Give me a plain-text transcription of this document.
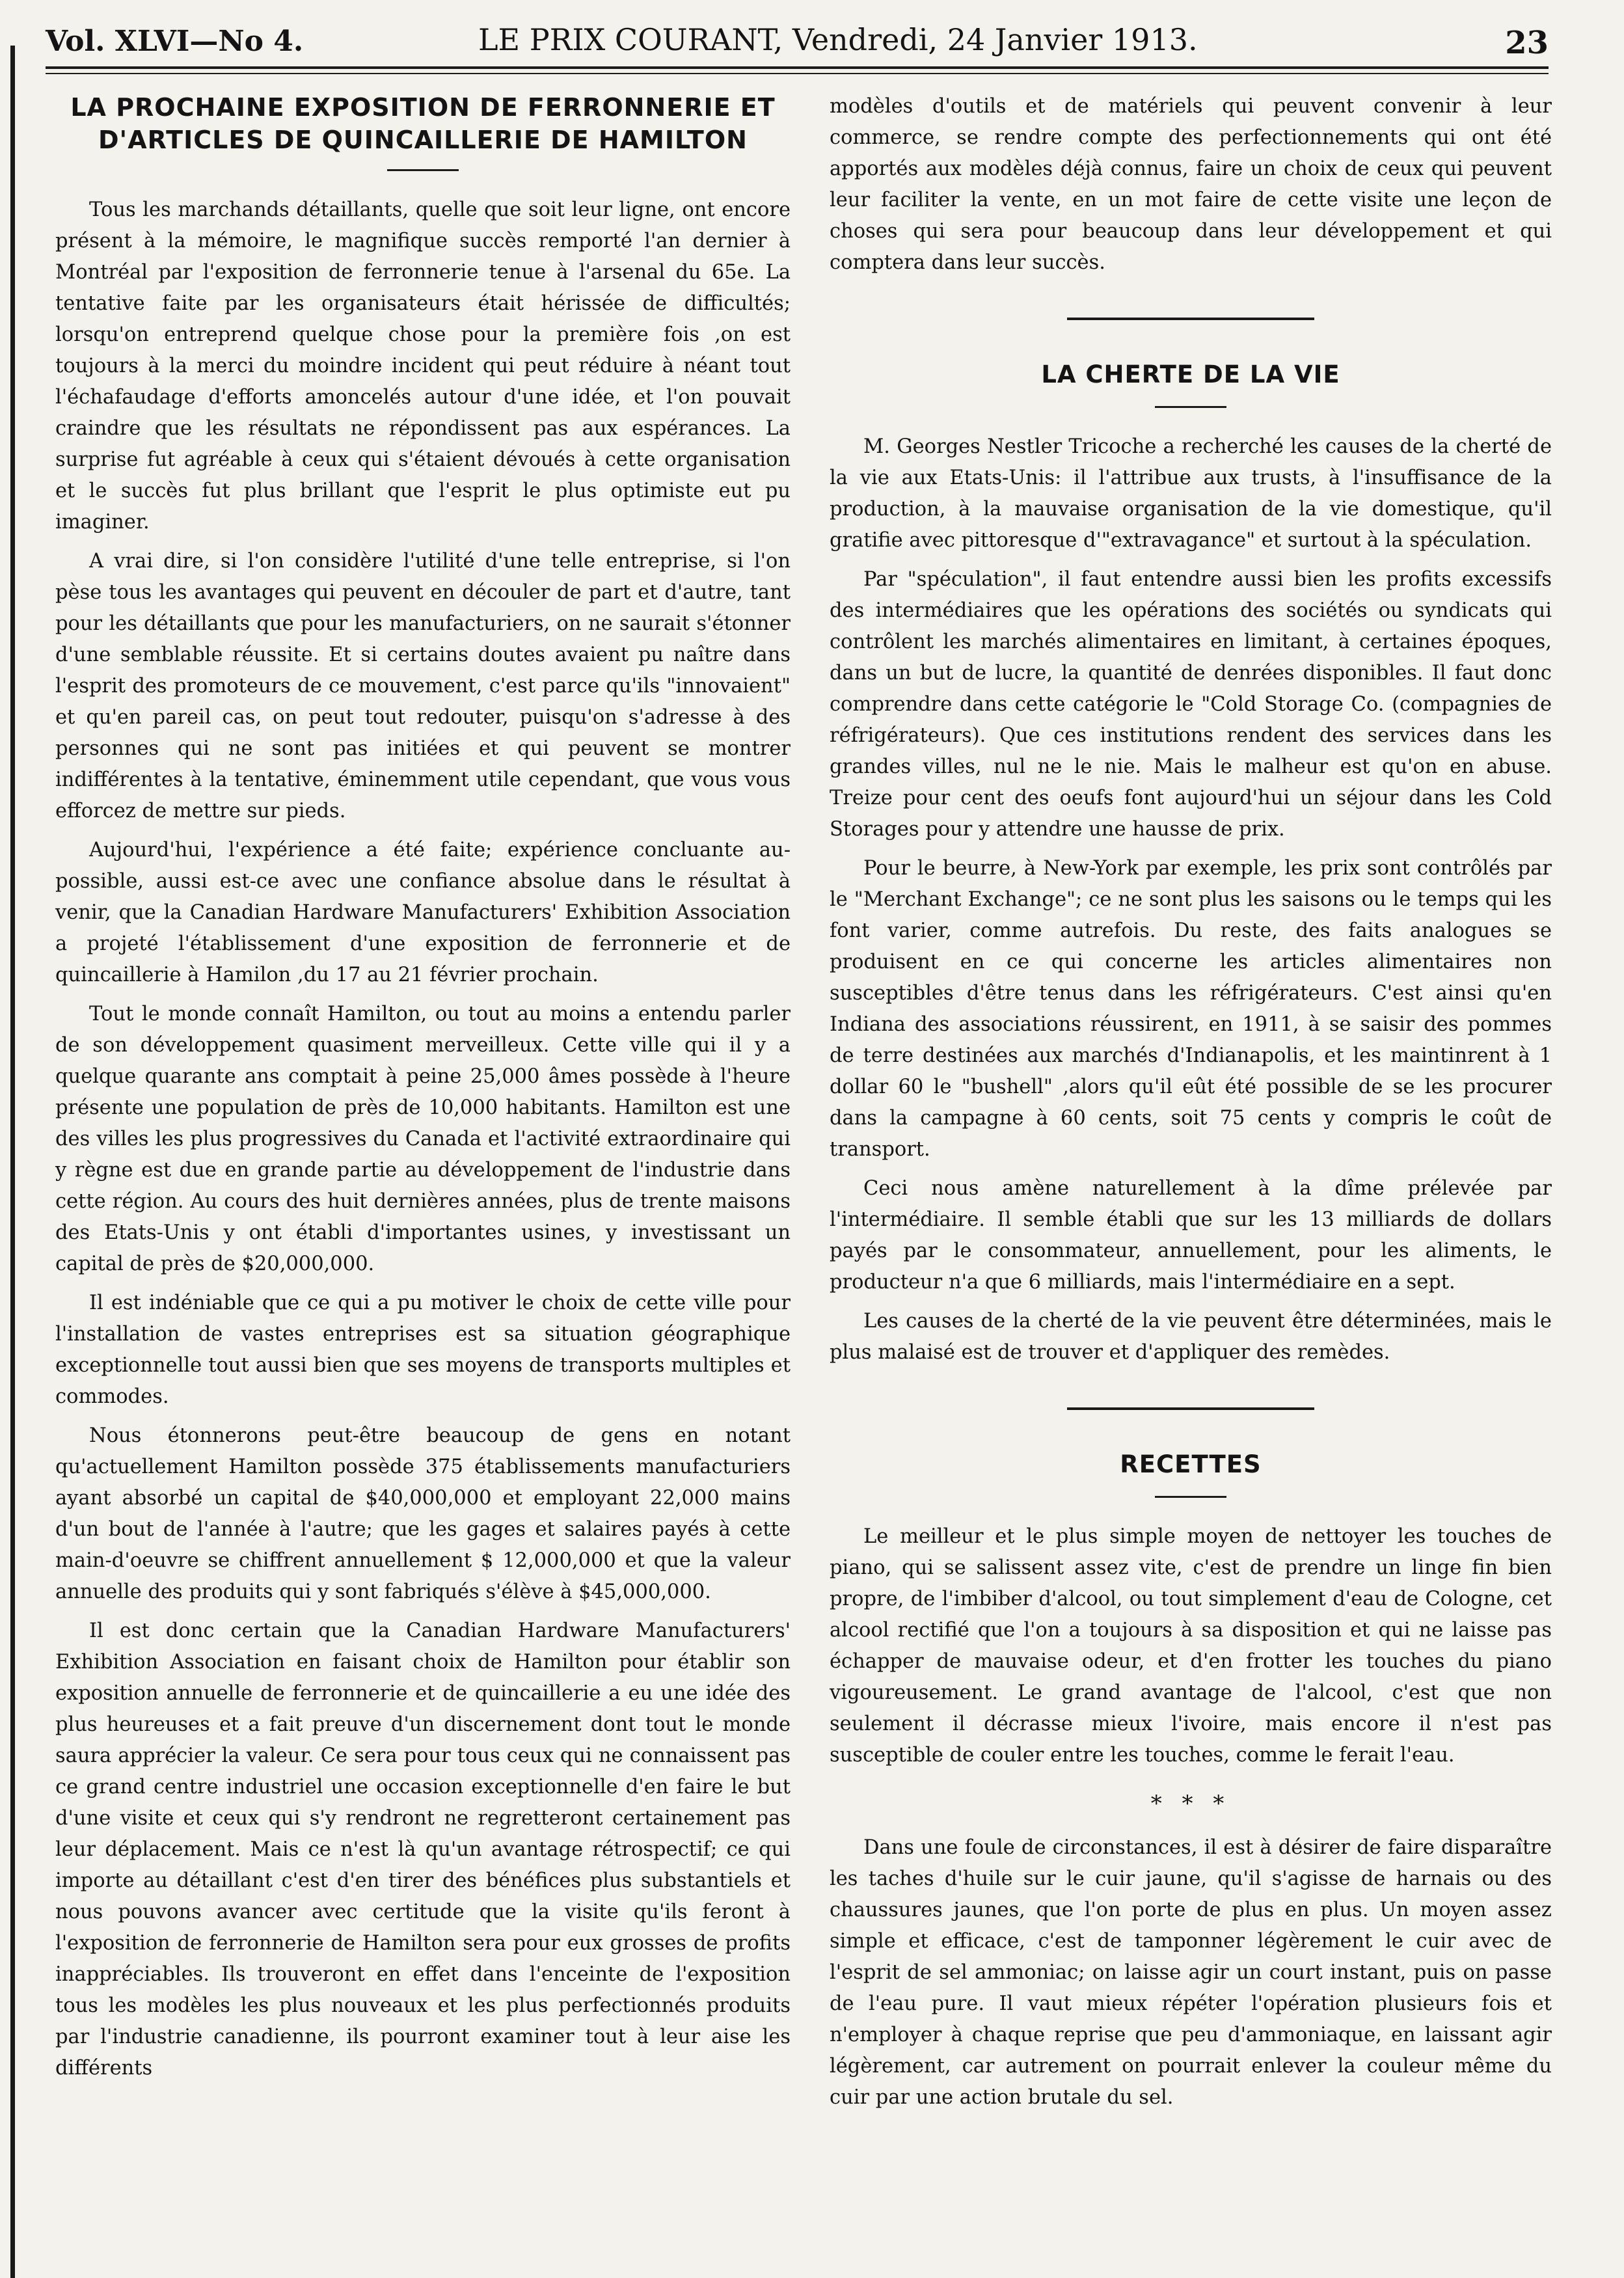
Vol. XLVI—No 4.	LE PRIX COURANT, Vendredi, 24 Janvier 1913.	23
LA PROCHAINE EXPOSITION DE FERRONNERIE ET D'ARTICLES DE QUINCAILLERIE DE HAMILTON

Tous les marchands détaillants, quelle que soit leur ligne, ont encore présent à la mémoire, le magnifique succès remporté l'an dernier à Montréal par l'exposition de ferronnerie tenue à l'arsenal du 65e. La tentative faite par les organisateurs était hérissée de difficultés; lorsqu'on entreprend quelque chose pour la première fois ,on est toujours à la merci du moindre incident qui peut réduire à néant tout l'échafaudage d'efforts amoncelés autour d'une idée, et l'on pouvait craindre que les résultats ne répondissent pas aux espérances. La surprise fut agréable à ceux qui s'étaient dévoués à cette organisation et le succès fut plus brillant que l'esprit le plus optimiste eut pu imaginer.

A vrai dire, si l'on considère l'utilité d'une telle entreprise, si l'on pèse tous les avantages qui peuvent en découler de part et d'autre, tant pour les détaillants que pour les manufacturiers, on ne saurait s'étonner d'une semblable réussite. Et si certains doutes avaient pu naître dans l'esprit des promoteurs de ce mouvement, c'est parce qu'ils "innovaient" et qu'en pareil cas, on peut tout redouter, puisqu'on s'adresse à des personnes qui ne sont pas initiées et qui peuvent se montrer indifférentes à la tentative, éminemment utile cependant, que vous vous efforcez de mettre sur pieds.

Aujourd'hui, l'expérience a été faite; expérience concluante au-possible, aussi est-ce avec une confiance absolue dans le résultat à venir, que la Canadian Hardware Manufacturers' Exhibition Association a projeté l'établissement d'une exposition de ferronnerie et de quincaillerie à Hamilon ,du 17 au 21 février prochain.

Tout le monde connaît Hamilton, ou tout au moins a entendu parler de son développement quasiment merveilleux. Cette ville qui il y a quelque quarante ans comptait à peine 25,000 âmes possède à l'heure présente une population de près de 10,000 habitants. Hamilton est une des villes les plus progressives du Canada et l'activité extraordinaire qui y règne est due en grande partie au développement de l'industrie dans cette région. Au cours des huit dernières années, plus de trente maisons des Etats-Unis y ont établi d'importantes usines, y investissant un capital de près de $20,000,000.

Il est indéniable que ce qui a pu motiver le choix de cette ville pour l'installation de vastes entreprises est sa situation géographique exceptionnelle tout aussi bien que ses moyens de transports multiples et commodes.

Nous étonnerons peut-être beaucoup de gens en notant qu'actuellement Hamilton possède 375 établissements manufacturiers ayant absorbé un capital de $40,000,000 et employant 22,000 mains d'un bout de l'année à l'autre; que les gages et salaires payés à cette main-d'oeuvre se chiffrent annuellement $ 12,000,000 et que la valeur annuelle des produits qui y sont fabriqués s'élève à $45,000,000.

Il est donc certain que la Canadian Hardware Manufacturers' Exhibition Association en faisant choix de Hamilton pour établir son exposition annuelle de ferronnerie et de quincaillerie a eu une idée des plus heureuses et a fait preuve d'un discernement dont tout le monde saura apprécier la valeur. Ce sera pour tous ceux qui ne connaissent pas ce grand centre industriel une occasion exceptionnelle d'en faire le but d'une visite et ceux qui s'y rendront ne regretteront certainement pas leur déplacement. Mais ce n'est là qu'un avantage rétrospectif; ce qui importe au détaillant c'est d'en tirer des bénéfices plus substantiels et nous pouvons avancer avec certitude que la visite qu'ils feront à l'exposition de ferronnerie de Hamilton sera pour eux grosses de profits inappréciables. Ils trouveront en effet dans l'enceinte de l'exposition tous les modèles les plus nouveaux et les plus perfectionnés produits par l'industrie canadienne, ils pourront examiner tout à leur aise les différents

modèles d'outils et de matériels qui peuvent convenir à leur commerce, se rendre compte des perfectionnements qui ont été apportés aux modèles déjà connus, faire un choix de ceux qui peuvent leur faciliter la vente, en un mot faire de cette visite une leçon de choses qui sera pour beaucoup dans leur développement et qui comptera dans leur succès.

LA CHERTE DE LA VIE

M. Georges Nestler Tricoche a recherché les causes de la cherté de la vie aux Etats-Unis: il l'attribue aux trusts, à l'insuffisance de la production, à la mauvaise organisation de la vie domestique, qu'il gratifie avec pittoresque d'"extravagance" et surtout à la spéculation.

Par "spéculation", il faut entendre aussi bien les profits excessifs des intermédiaires que les opérations des sociétés ou syndicats qui contrôlent les marchés alimentaires en limitant, à certaines époques, dans un but de lucre, la quantité de denrées disponibles. Il faut donc comprendre dans cette catégorie le "Cold Storage Co. (compagnies de réfrigérateurs). Que ces institutions rendent des services dans les grandes villes, nul ne le nie. Mais le malheur est qu'on en abuse. Treize pour cent des oeufs font aujourd'hui un séjour dans les Cold Storages pour y attendre une hausse de prix.

Pour le beurre, à New-York par exemple, les prix sont contrôlés par le "Merchant Exchange"; ce ne sont plus les saisons ou le temps qui les font varier, comme autrefois. Du reste, des faits analogues se produisent en ce qui concerne les articles alimentaires non susceptibles d'être tenus dans les réfrigérateurs. C'est ainsi qu'en Indiana des associations réussirent, en 1911, à se saisir des pommes de terre destinées aux marchés d'Indianapolis, et les maintinrent à 1 dollar 60 le "bushell" ,alors qu'il eût été possible de se les procurer dans la campagne à 60 cents, soit 75 cents y compris le coût de transport.

Ceci nous amène naturellement à la dîme prélevée par l'intermédiaire. Il semble établi que sur les 13 milliards de dollars payés par le consommateur, annuellement, pour les aliments, le producteur n'a que 6 milliards, mais l'intermédiaire en a sept.

Les causes de la cherté de la vie peuvent être déterminées, mais le plus malaisé est de trouver et d'appliquer des remèdes.

RECETTES

Le meilleur et le plus simple moyen de nettoyer les touches de piano, qui se salissent assez vite, c'est de prendre un linge fin bien propre, de l'imbiber d'alcool, ou tout simplement d'eau de Cologne, cet alcool rectifié que l'on a toujours à sa disposition et qui ne laisse pas échapper de mauvaise odeur, et d'en frotter les touches du piano vigoureusement. Le grand avantage de l'alcool, c'est que non seulement il décrasse mieux l'ivoire, mais encore il n'est pas susceptible de couler entre les touches, comme le ferait l'eau.

* * *

Dans une foule de circonstances, il est à désirer de faire disparaître les taches d'huile sur le cuir jaune, qu'il s'agisse de harnais ou des chaussures jaunes, que l'on porte de plus en plus. Un moyen assez simple et efficace, c'est de tamponner légèrement le cuir avec de l'esprit de sel ammoniac; on laisse agir un court instant, puis on passe de l'eau pure. Il vaut mieux répéter l'opération plusieurs fois et n'employer à chaque reprise que peu d'ammoniaque, en laissant agir légèrement, car autrement on pourrait enlever la couleur même du cuir par une action brutale du sel.
